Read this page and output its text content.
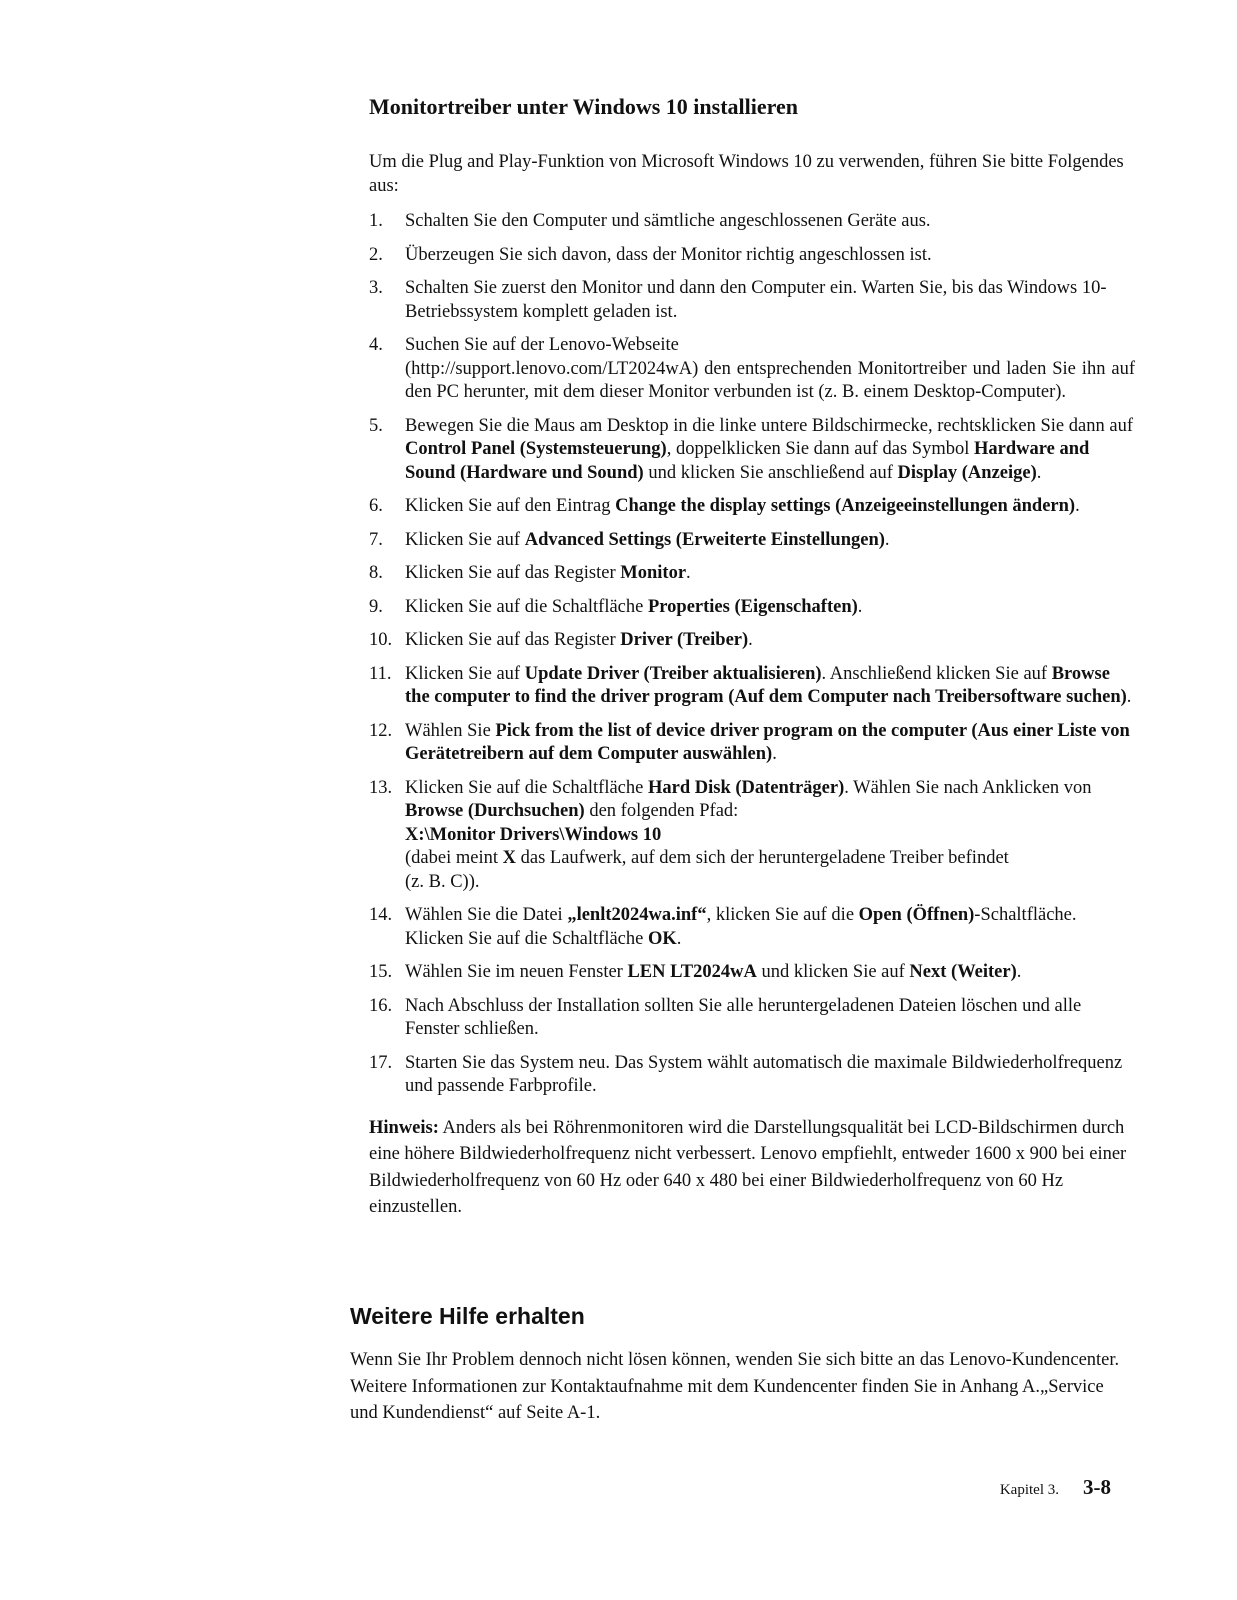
Monitortreiber unter Windows 10 installieren

Um die Plug and Play-Funktion von Microsoft Windows 10 zu verwenden, führen Sie bitte Folgendes aus:

1. Schalten Sie den Computer und sämtliche angeschlossenen Geräte aus.
2. Überzeugen Sie sich davon, dass der Monitor richtig angeschlossen ist.
3. Schalten Sie zuerst den Monitor und dann den Computer ein. Warten Sie, bis das Windows 10-Betriebssystem komplett geladen ist.
4. Suchen Sie auf der Lenovo-Webseite
(http://support.lenovo.com/LT2024wA) den entsprechenden Monitortreiber und laden Sie ihn auf den PC herunter, mit dem dieser Monitor verbunden ist (z. B. einem Desktop-Computer).
5. Bewegen Sie die Maus am Desktop in die linke untere Bildschirmecke, rechtsklicken Sie dann auf Control Panel (Systemsteuerung), doppelklicken Sie dann auf das Symbol Hardware and Sound (Hardware und Sound) und klicken Sie anschließend auf Display (Anzeige).
6. Klicken Sie auf den Eintrag Change the display settings (Anzeigeeinstellungen ändern).
7. Klicken Sie auf Advanced Settings (Erweiterte Einstellungen).
8. Klicken Sie auf das Register Monitor.
9. Klicken Sie auf die Schaltfläche Properties (Eigenschaften).
10. Klicken Sie auf das Register Driver (Treiber).
11. Klicken Sie auf Update Driver (Treiber aktualisieren). Anschließend klicken Sie auf Browse the computer to find the driver program (Auf dem Computer nach Treibersoftware suchen).
12. Wählen Sie Pick from the list of device driver program on the computer (Aus einer Liste von Gerätetreibern auf dem Computer auswählen).
13. Klicken Sie auf die Schaltfläche Hard Disk (Datenträger). Wählen Sie nach Anklicken von Browse (Durchsuchen) den folgenden Pfad:
X:\Monitor Drivers\Windows 10
(dabei meint X das Laufwerk, auf dem sich der heruntergeladene Treiber befindet
(z. B. C)).
14. Wählen Sie die Datei „lenlt2024wa.inf“, klicken Sie auf die Open (Öffnen)-Schaltfläche.
Klicken Sie auf die Schaltfläche OK.
15. Wählen Sie im neuen Fenster LEN LT2024wA und klicken Sie auf Next (Weiter).
16. Nach Abschluss der Installation sollten Sie alle heruntergeladenen Dateien löschen und alle Fenster schließen.
17. Starten Sie das System neu. Das System wählt automatisch die maximale Bildwiederholfrequenz und passende Farbprofile.

Hinweis: Anders als bei Röhrenmonitoren wird die Darstellungsqualität bei LCD-Bildschirmen durch eine höhere Bildwiederholfrequenz nicht verbessert. Lenovo empfiehlt, entweder 1600 x 900 bei einer Bildwiederholfrequenz von 60 Hz oder 640 x 480 bei einer Bildwiederholfrequenz von 60 Hz einzustellen.

Weitere Hilfe erhalten

Wenn Sie Ihr Problem dennoch nicht lösen können, wenden Sie sich bitte an das Lenovo-Kundencenter. Weitere Informationen zur Kontaktaufnahme mit dem Kundencenter finden Sie in Anhang A.„Service und Kundendienst“ auf Seite A-1.

Kapitel 3. 3-8
